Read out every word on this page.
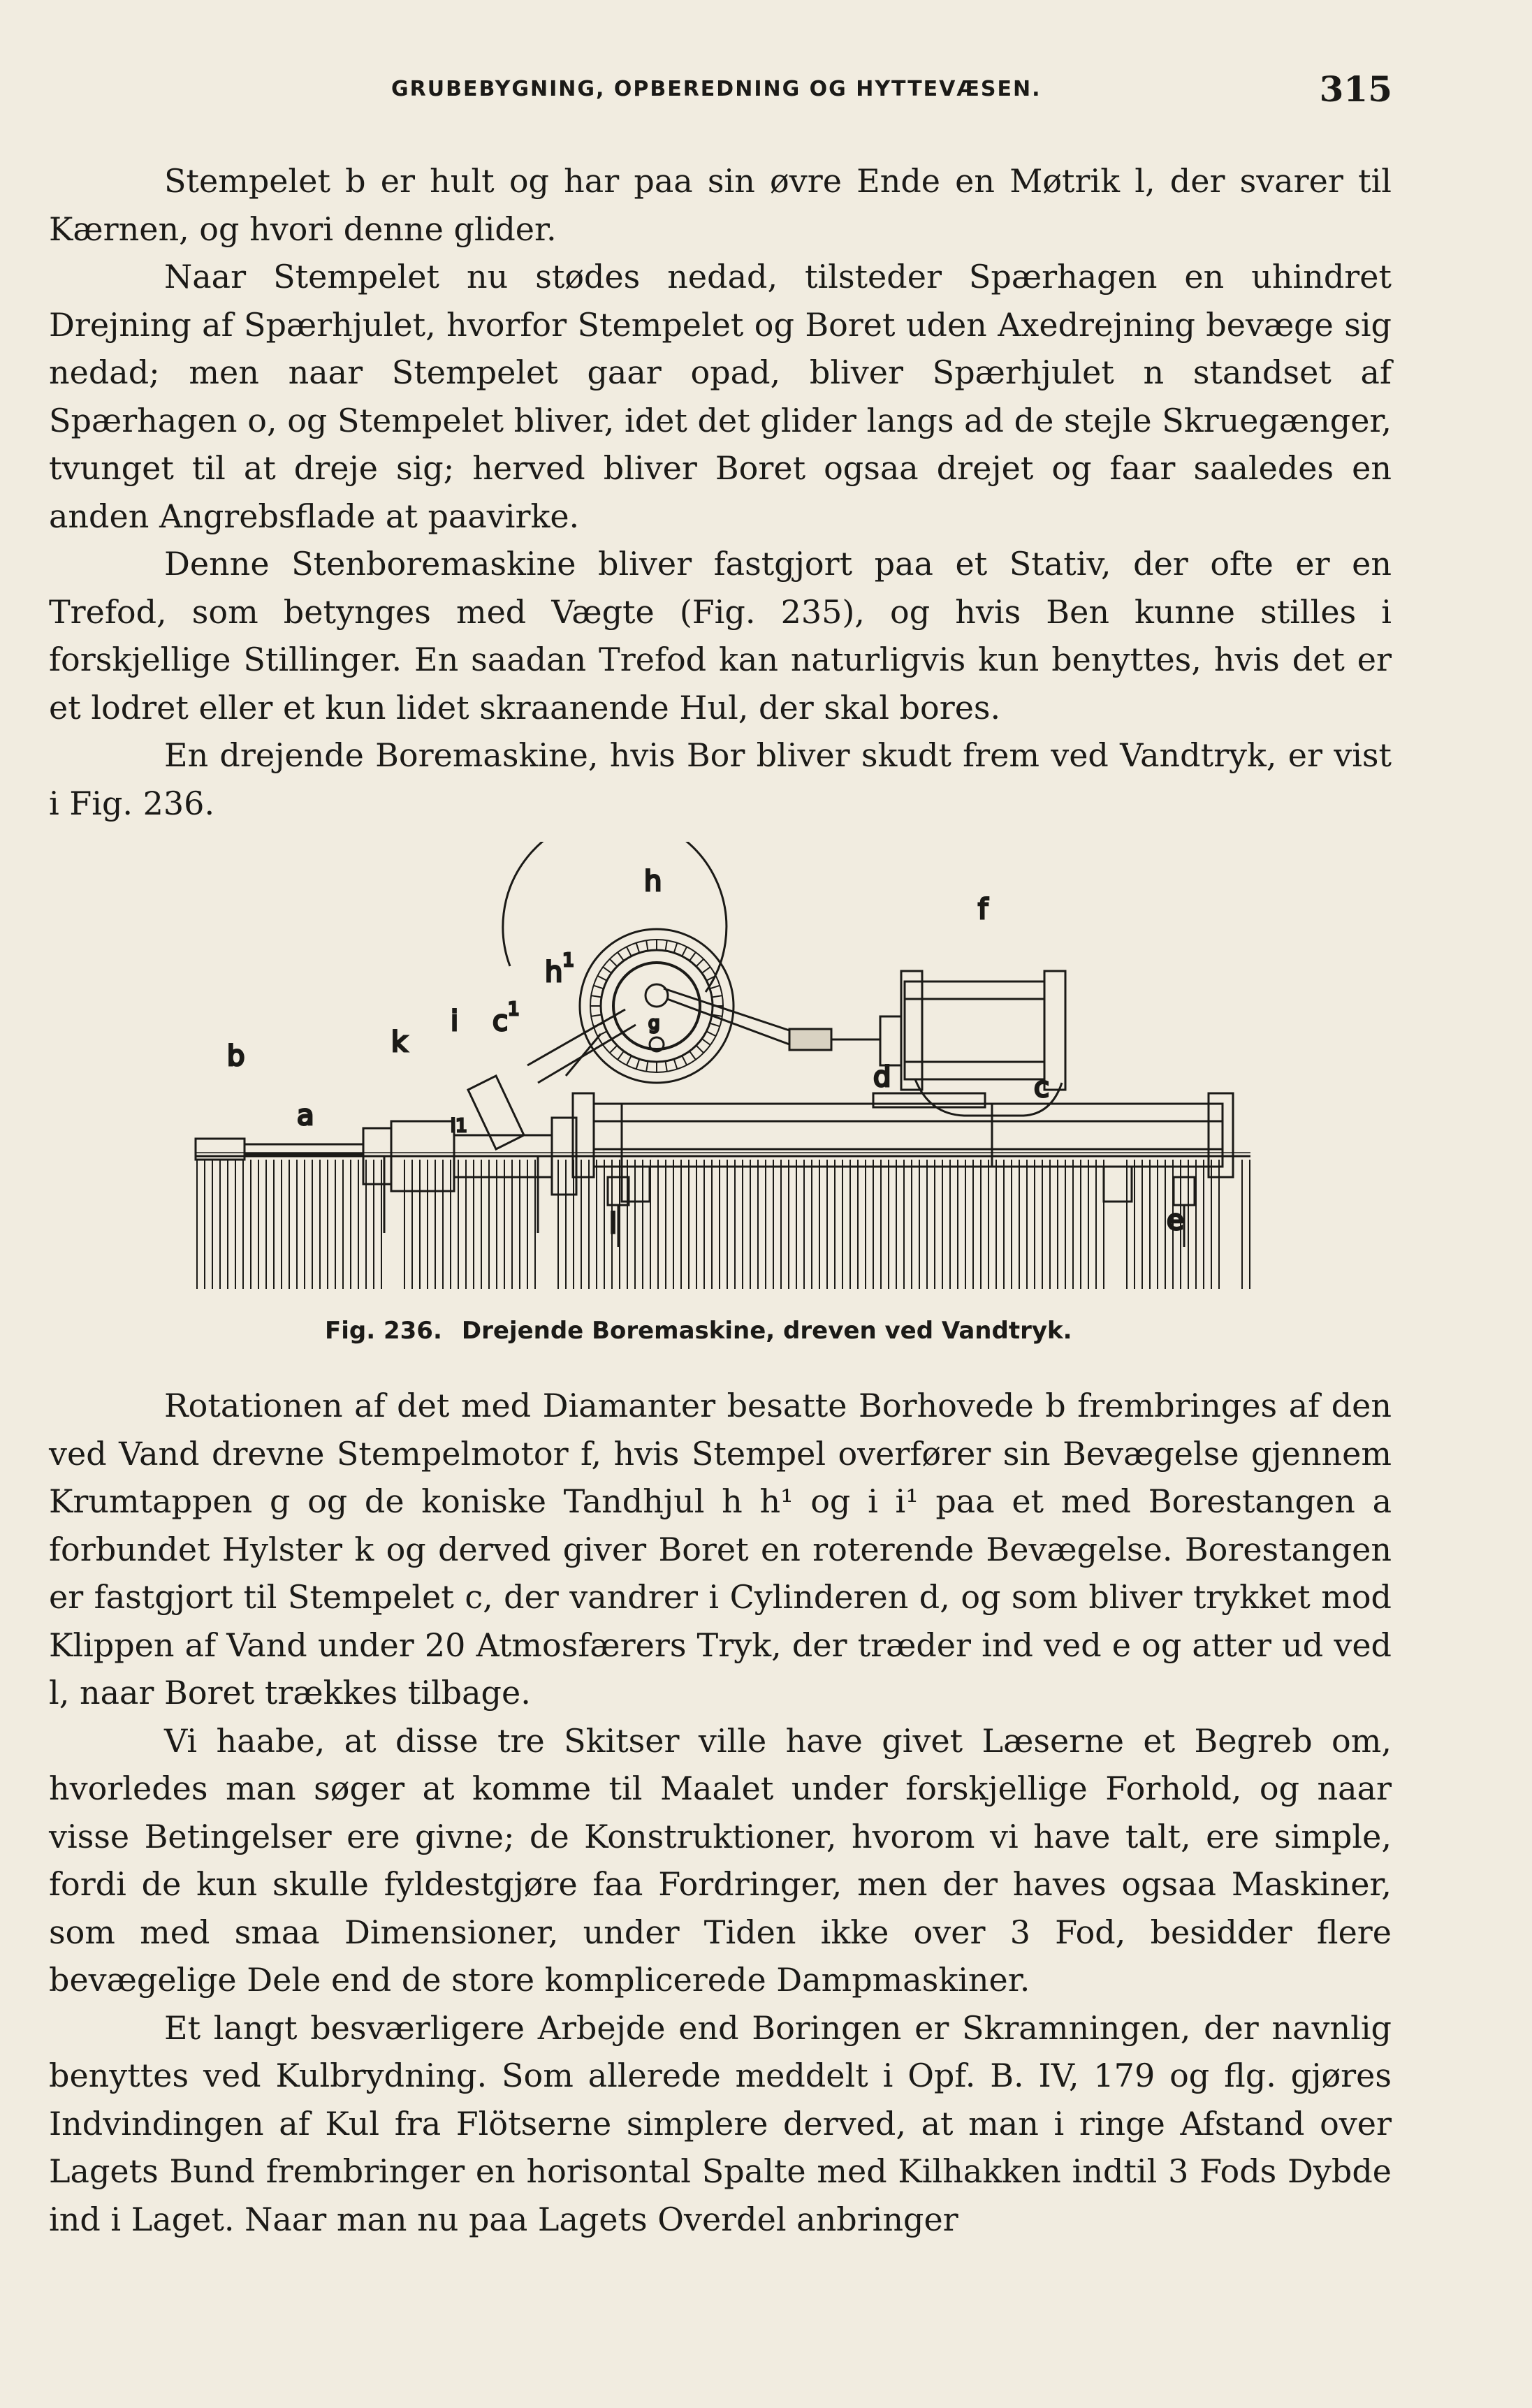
GRUBEBYGNING, OPBEREDNING OG HYTTEVÆSEN.	315

Stempelet b er hult og har paa sin øvre Ende en Møtrik l, der svarer til Kærnen, og hvori denne glider.

Naar Stempelet nu stødes nedad, tilsteder Spærhagen en uhindret Drejning af Spærhjulet, hvorfor Stempelet og Boret uden Axedrejning bevæge sig nedad; men naar Stempelet gaar opad, bliver Spærhjulet n standset af Spærhagen o, og Stempelet bliver, idet det glider langs ad de stejle Skruegænger, tvunget til at dreje sig; herved bliver Boret ogsaa drejet og faar saaledes en anden Angrebsflade at paavirke.

Denne Stenboremaskine bliver fastgjort paa et Stativ, der ofte er en Trefod, som betynges med Vægte (Fig. 235), og hvis Ben kunne stilles i forskjellige Stillinger. En saadan Trefod kan naturligvis kun benyttes, hvis det er et lodret eller et kun lidet skraanende Hul, der skal bores.

En drejende Boremaskine, hvis Bor bliver skudt frem ved Vandtryk, er vist i Fig. 236.

h
$h^1$
f
$c^1$
i
k
b
a	i1
d	c
l	e
g
Fig. 236. Drejende Boremaskine, dreven ved Vandtryk.

Rotationen af det med Diamanter besatte Borhovede b frembringes af den ved Vand drevne Stempelmotor f, hvis Stempel overfører sin Bevægelse gjennem Krumtappen g og de koniske Tandhjul h h¹ og i i¹ paa et med Borestangen a forbundet Hylster k og derved giver Boret en roterende Bevægelse. Borestangen er fastgjort til Stempelet c, der vandrer i Cylinderen d, og som bliver trykket mod Klippen af Vand under 20 Atmosfærers Tryk, der træder ind ved e og atter ud ved l, naar Boret trækkes tilbage.

Vi haabe, at disse tre Skitser ville have givet Læserne et Begreb om, hvorledes man søger at komme til Maalet under forskjellige Forhold, og naar visse Betingelser ere givne; de Konstruktioner, hvorom vi have talt, ere simple, fordi de kun skulle fyldestgjøre faa Fordringer, men der haves ogsaa Maskiner, som med smaa Dimensioner, under Tiden ikke over 3 Fod, besidder flere bevægelige Dele end de store komplicerede Dampmaskiner.

Et langt besværligere Arbejde end Boringen er Skramningen, der navnlig benyttes ved Kulbrydning. Som allerede meddelt i Opf. B. IV, 179 og flg. gjøres Indvindingen af Kul fra Flötserne simplere derved, at man i ringe Afstand over Lagets Bund frembringer en horisontal Spalte med Kilhakken indtil 3 Fods Dybde ind i Laget. Naar man nu paa Lagets Overdel anbringer
